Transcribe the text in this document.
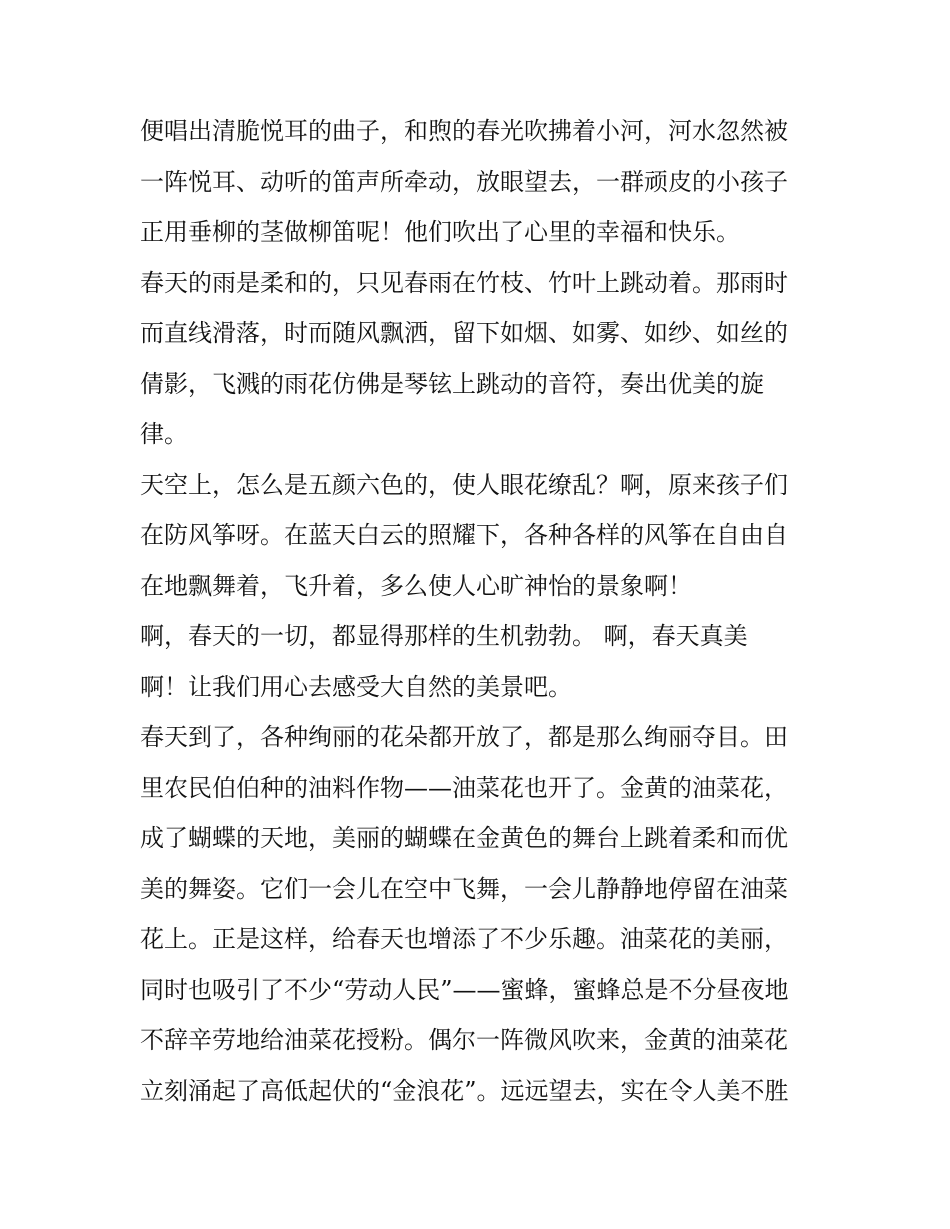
便唱出清脆悦耳的曲子，和煦的春光吹拂着小河，河水忽然被
一阵悦耳、动听的笛声所牵动，放眼望去，一群顽皮的小孩子
正用垂柳的茎做柳笛呢！他们吹出了心里的幸福和快乐。
春天的雨是柔和的，只见春雨在竹枝、竹叶上跳动着。那雨时
而直线滑落，时而随风飘洒，留下如烟、如雾、如纱、如丝的
倩影，飞溅的雨花仿佛是琴铉上跳动的音符，奏出优美的旋
律。
天空上，怎么是五颜六色的，使人眼花缭乱？啊，原来孩子们
在防风筝呀。在蓝天白云的照耀下，各种各样的风筝在自由自
在地飘舞着，飞升着，多么使人心旷神怡的景象啊！
啊，春天的一切，都显得那样的生机勃勃。 啊，春天真美
啊！让我们用心去感受大自然的美景吧。
春天到了，各种绚丽的花朵都开放了，都是那么绚丽夺目。田
里农民伯伯种的油料作物——油菜花也开了。金黄的油菜花，
成了蝴蝶的天地，美丽的蝴蝶在金黄色的舞台上跳着柔和而优
美的舞姿。它们一会儿在空中飞舞，一会儿静静地停留在油菜
花上。正是这样，给春天也增添了不少乐趣。油菜花的美丽，
同时也吸引了不少“劳动人民”——蜜蜂，蜜蜂总是不分昼夜地
不辞辛劳地给油菜花授粉。偶尔一阵微风吹来，金黄的油菜花
立刻涌起了高低起伏的“金浪花”。远远望去，实在令人美不胜
